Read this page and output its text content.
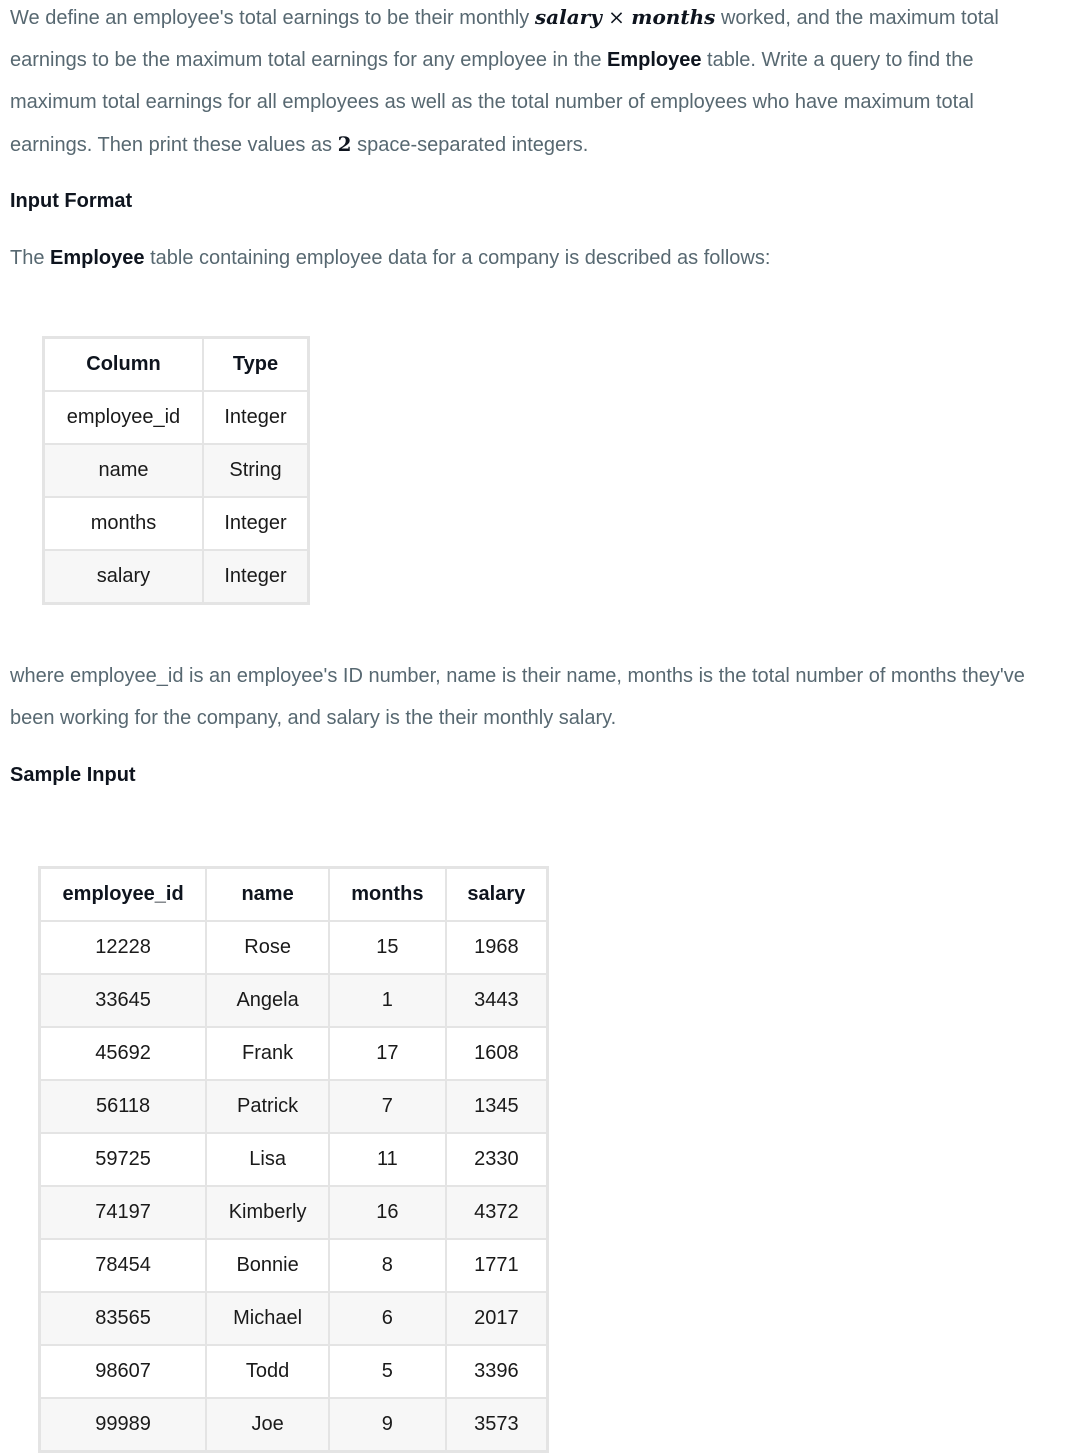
We define an employee's total earnings to be their monthly salary × months worked, and the maximum total earnings to be the maximum total earnings for any employee in the Employee table. Write a query to find the maximum total earnings for all employees as well as the total number of employees who have maximum total earnings. Then print these values as 2 space-separated integers.

Input Format

The Employee table containing employee data for a company is described as follows:

Column	Type
employee_id	Integer
name	String
months	Integer
salary	Integer

where employee_id is an employee's ID number, name is their name, months is the total number of months they've been working for the company, and salary is the their monthly salary.

Sample Input
employee_id	name	months	salary
12228	Rose	15	1968
33645	Angela	1	3443
45692	Frank	17	1608
56118	Patrick	7	1345
59725	Lisa	11	2330
74197	Kimberly	16	4372
78454	Bonnie	8	1771
83565	Michael	6	2017
98607	Todd	5	3396
99989	Joe	9	3573
